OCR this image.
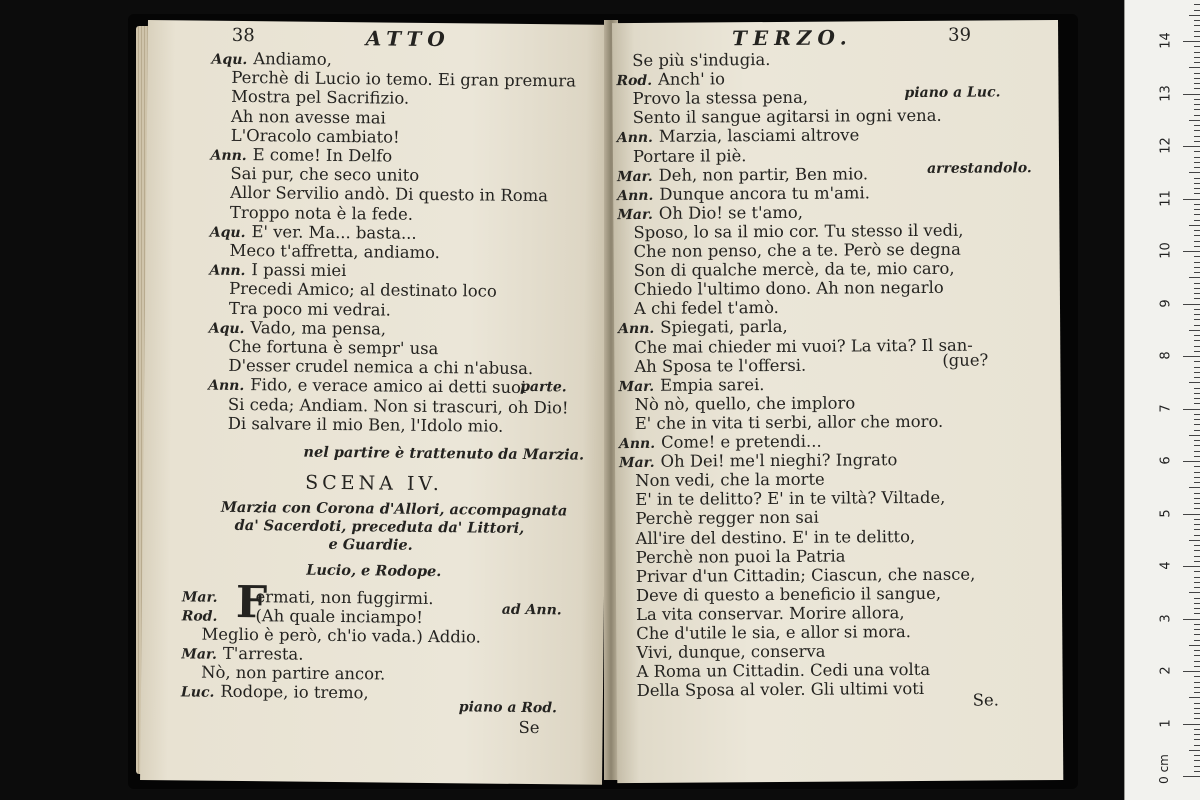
38	ATTO
Aqu. Andiamo,
Perchè di Lucio io temo. Ei gran premura
Mostra pel Sacrifizio.
Ah non avesse mai
L'Oracolo cambiato!
Ann. E come! In Delfo
Sai pur, che seco unito
Allor Servilio andò. Di questo in Roma
Troppo nota è la fede.
Aqu. E' ver. Ma... basta...
Meco t'affretta, andiamo.
Ann. I passi miei
Precedi Amico; al destinato loco
Tra poco mi vedrai.
Aqu. Vado, ma pensa,
Che fortuna è sempr' usa
D'esser crudel nemica a chi n'abusa.
Ann. Fido, e verace amico ai detti suoi
Si ceda; Andiam. Non si trascuri, oh Dio!
Di salvare il mio Ben, l'Idolo mio.
parte.
nel partire è trattenuto da Marzia.
SCENA IV.
Marzia con Corona d'Allori, accompagnata
da' Sacerdoti, preceduta da' Littori,
e Guardie.
Lucio, e Rodope.
F
Mar. ermati, non fuggirmi.
Rod. (Ah quale inciampo!
Meglio è però, ch'io vada.) Addio.
Mar. T'arresta.
Nò, non partire ancor.
Luc. Rodope, io tremo,
ad Ann.
piano a Rod.
Se
TERZO.	39
Se più s'indugia.
Rod. Anch' io
Provo la stessa pena,
Sento il sangue agitarsi in ogni vena.
Ann. Marzia, lasciami altrove
Portare il piè.
Mar. Deh, non partir, Ben mio.
Ann. Dunque ancora tu m'ami.
Mar. Oh Dio! se t'amo,
Sposo, lo sa il mio cor. Tu stesso il vedi,
Che non penso, che a te. Però se degna
Son di qualche mercè, da te, mio caro,
Chiedo l'ultimo dono. Ah non negarlo
A chi fedel t'amò.
Ann. Spiegati, parla,
Che mai chieder mi vuoi? La vita? Il san-
Ah Sposa te l'offersi.
Mar. Empia sarei.
Nò nò, quello, che imploro
E' che in vita ti serbi, allor che moro.
Ann. Come! e pretendi...
Mar. Oh Dei! me'l nieghi? Ingrato
Non vedi, che la morte
E' in te delitto? E' in te viltà? Viltade,
Perchè regger non sai
All'ire del destino. E' in te delitto,
Perchè non puoi la Patria
Privar d'un Cittadin; Ciascun, che nasce,
Deve di questo a beneficio il sangue,
La vita conservar. Morire allora,
Che d'utile le sia, e allor si mora.
Vivi, dunque, conserva
A Roma un Cittadin. Cedi una volta
Della Sposa al voler. Gli ultimi voti
piano a Luc.
arrestandolo.
(gue?
Se.
0 cm
1
2
3
4
5
6
7
8
9
10
11
12
13
14
